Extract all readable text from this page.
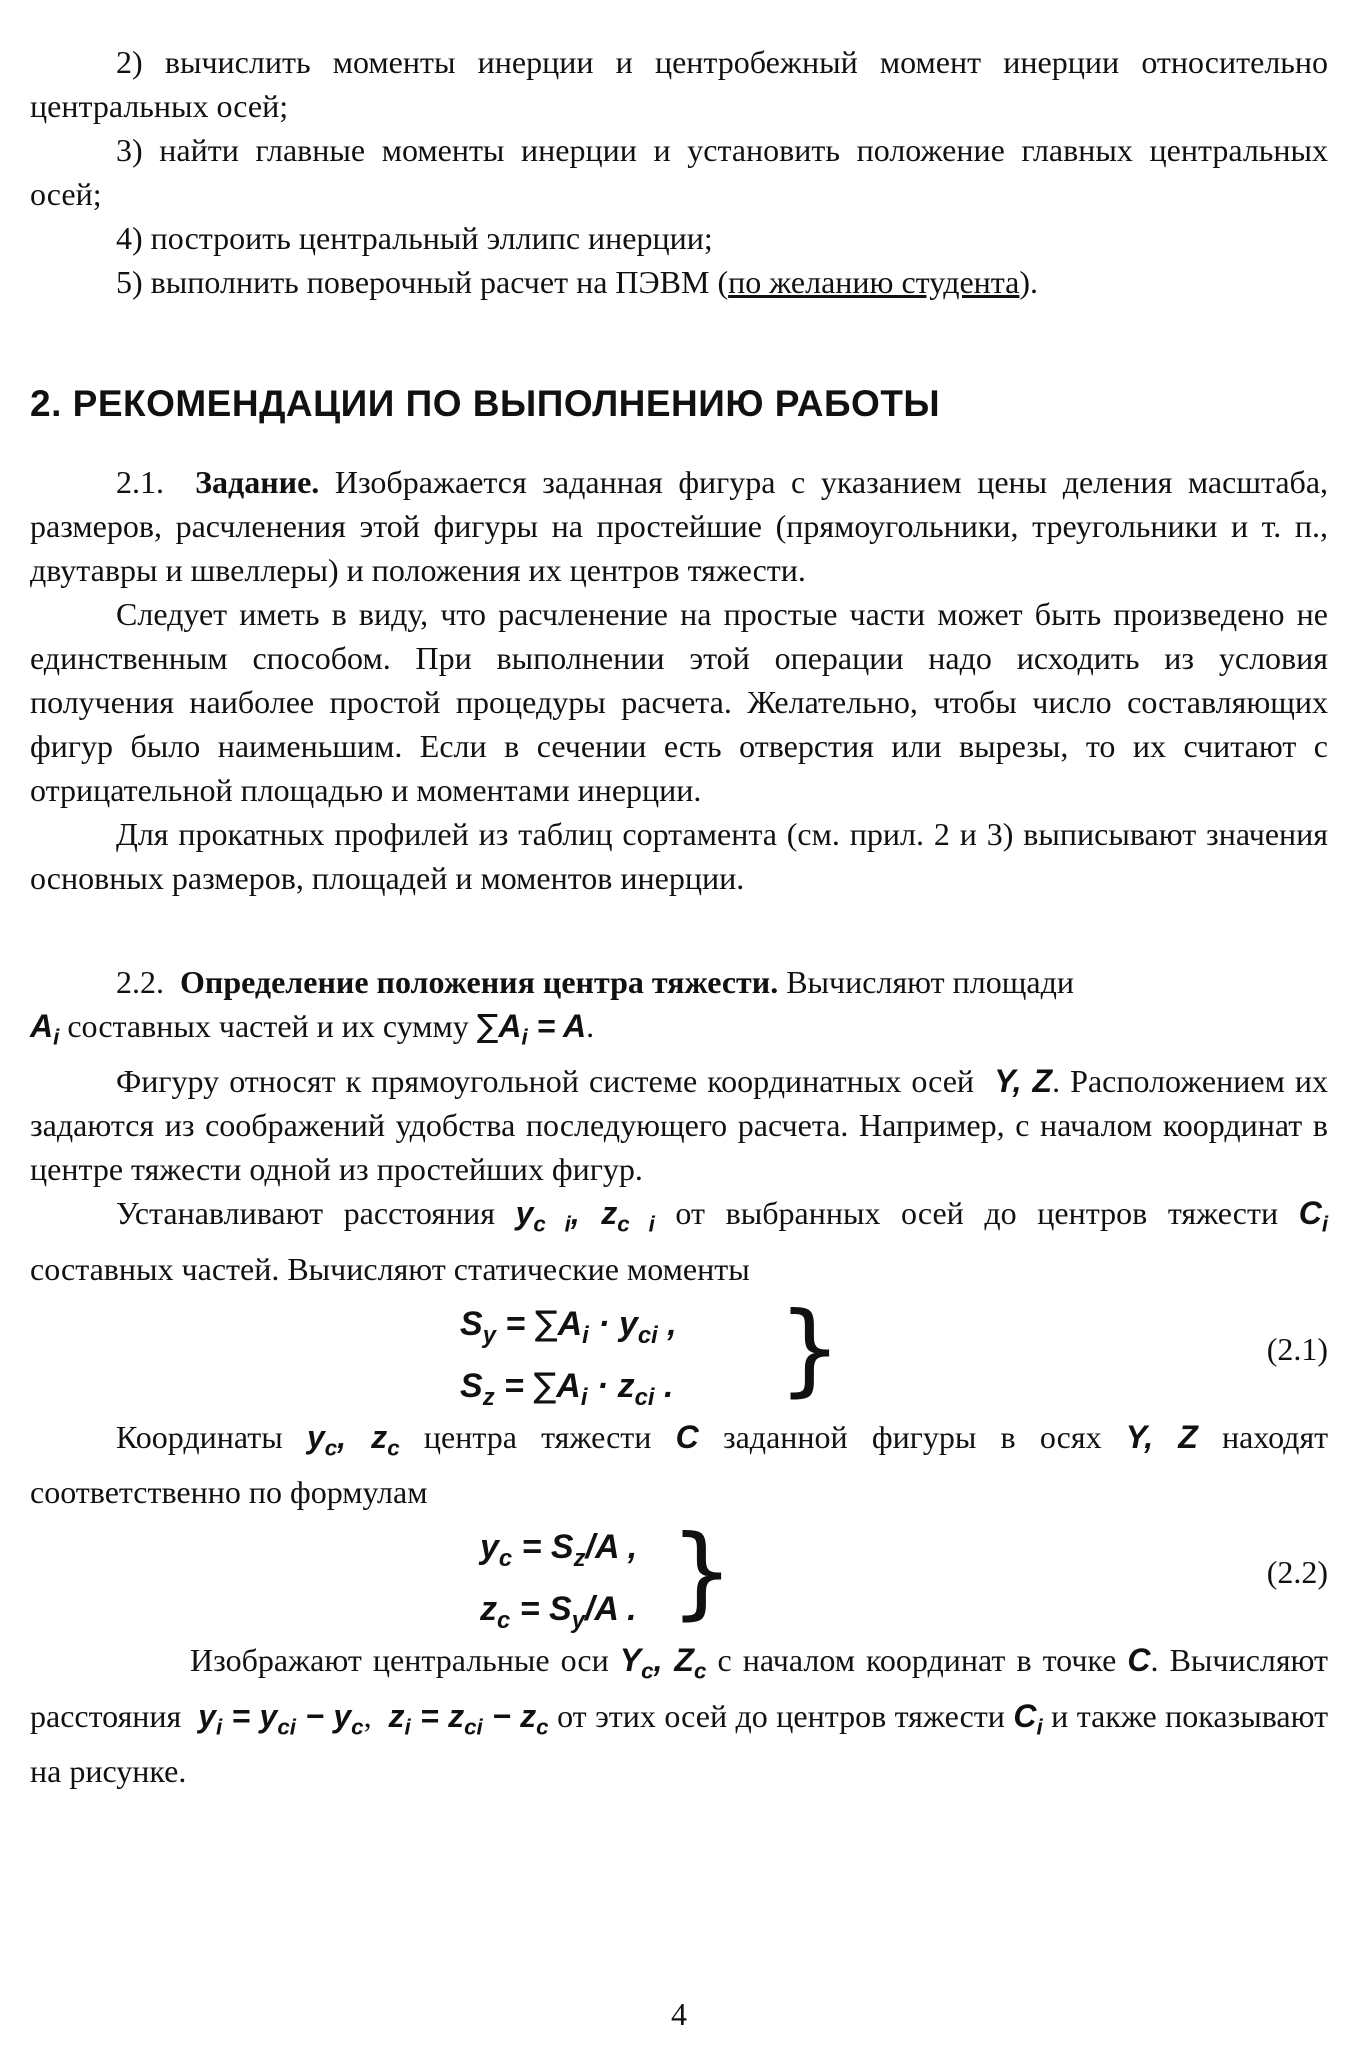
2) вычислить моменты инерции и центробежный момент инерции относительно центральных осей;

3) найти главные моменты инерции и установить положение главных центральных осей;

4) построить центральный эллипс инерции;

5) выполнить поверочный расчет на ПЭВМ (по желанию студента).

2. РЕКОМЕНДАЦИИ ПО ВЫПОЛНЕНИЮ РАБОТЫ

2.1. Задание. Изображается заданная фигура с указанием цены деления масштаба, размеров, расчленения этой фигуры на простейшие (прямоугольники, треугольники и т. п., двутавры и швеллеры) и положения их центров тяжести.

Следует иметь в виду, что расчленение на простые части может быть произведено не единственным способом. При выполнении этой операции надо исходить из условия получения наиболее простой процедуры расчета. Желательно, чтобы число составляющих фигур было наименьшим. Если в сечении есть отверстия или вырезы, то их считают с отрицательной площадью и моментами инерции.

Для прокатных профилей из таблиц сортамента (см. прил. 2 и 3) выписывают значения основных размеров, площадей и моментов инерции.

2.2. Определение положения центра тяжести. Вычисляют площади
$A_i$ составных частей и их сумму $\sum A_i = A$.

Фигуру относят к прямоугольной системе координатных осей Y, Z. Расположением их задаются из соображений удобства последующего расчета. Например, с началом координат в центре тяжести одной из простейших фигур.

Устанавливают расстояния $y_{c i}$, $z_{c i}$ от выбранных осей до центров тяжести $C_i$ составных частей. Вычисляют статические моменты

$S_y = \sum A_i \cdot y_{ci}$ ,
$S_z = \sum A_i \cdot z_{ci}$ . }	(2.1)

Координаты $y_c$, $z_c$ центра тяжести C заданной фигуры в осях Y, Z находят соответственно по формулам

$y_c = S_z/A$ ,
$z_c = S_y/A$ . }	(2.2)

Изображают центральные оси $Y_c$, $Z_c$ с началом координат в точке C. Вычисляют расстояния $y_i = y_{ci} - y_c$,  $z_i = z_{ci} - z_c$ от этих осей до центров тяжести $C_i$ и также показывают на рисунке.

4
